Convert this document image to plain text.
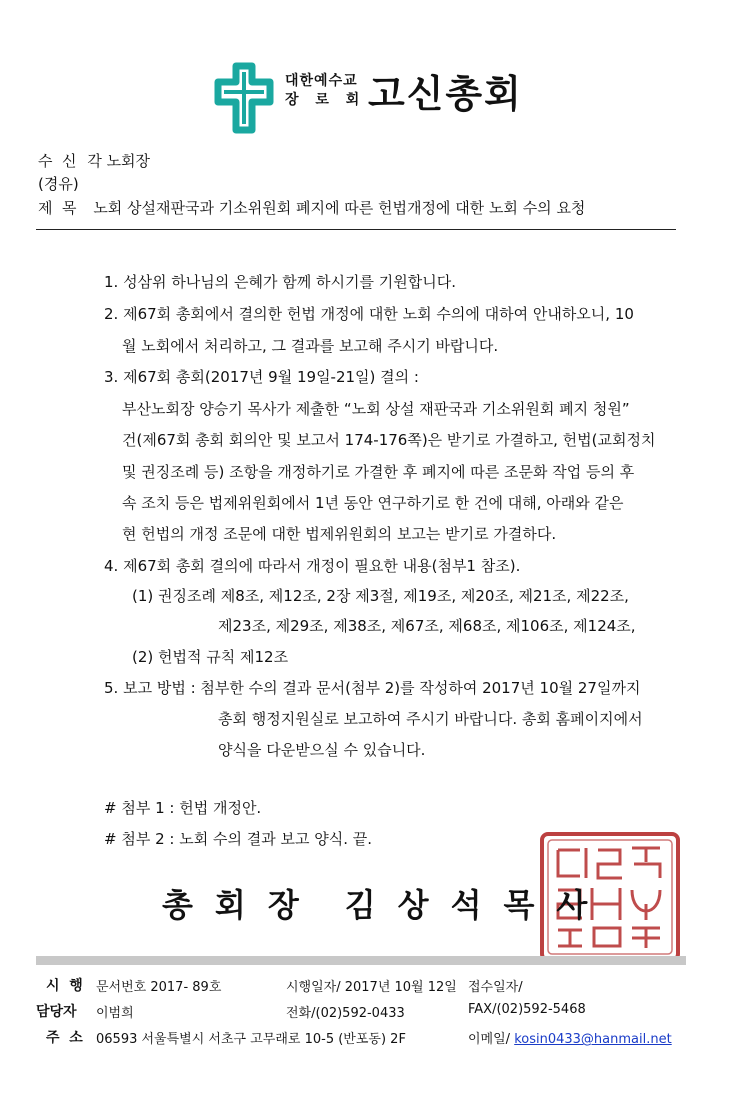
대한예수교
장 로 회 고신총회
수  신 각 노회장
(경유)
제  목 노회 상설재판국과 기소위원회 폐지에 따른 헌법개정에 대한 노회 수의 요청
1. 성삼위 하나님의 은혜가 함께 하시기를 기원합니다.
2. 제67회 총회에서 결의한 헌법 개정에 대한 노회 수의에 대하여 안내하오니, 10
월 노회에서 처리하고, 그 결과를 보고해 주시기 바랍니다.
3. 제67회 총회(2017년 9월 19일-21일) 결의 :
부산노회장 양승기 목사가 제출한 “노회 상설 재판국과 기소위원회 폐지 청원”
건(제67회 총회 회의안 및 보고서 174-176쪽)은 받기로 가결하고, 헌법(교회정치
및 권징조례 등) 조항을 개정하기로 가결한 후 폐지에 따른 조문화 작업 등의 후
속 조치 등은 법제위원회에서 1년 동안 연구하기로 한 건에 대해, 아래와 같은
현 헌법의 개정 조문에 대한 법제위원회의 보고는 받기로 가결하다.
4. 제67회 총회 결의에 따라서 개정이 필요한 내용(첨부1 참조).
(1) 권징조례 제8조, 제12조, 2장 제3절, 제19조, 제20조, 제21조, 제22조,
제23조, 제29조, 제38조, 제67조, 제68조, 제106조, 제124조,
(2) 헌법적 규칙 제12조
5. 보고 방법 : 첨부한 수의 결과 문서(첨부 2)를 작성하여 2017년 10월 27일까지
총회 행정지원실로 보고하여 주시기 바랍니다. 총회 홈페이지에서
양식을 다운받으실 수 있습니다.
# 첨부 1 : 헌법 개정안.
# 첨부 2 : 노회 수의 결과 보고 양식. 끝.
총회장 김상석목사
시  행 문서번호 2017- 89호	시행일자/ 2017년 10월 12일 접수일자/
담당자 이범희	전화/(02)592-0433	FAX/(02)592-5468
주  소 06593 서울특별시 서초구 고무래로 10-5 (반포동) 2F	이메일/ kosin0433@hanmail.net
